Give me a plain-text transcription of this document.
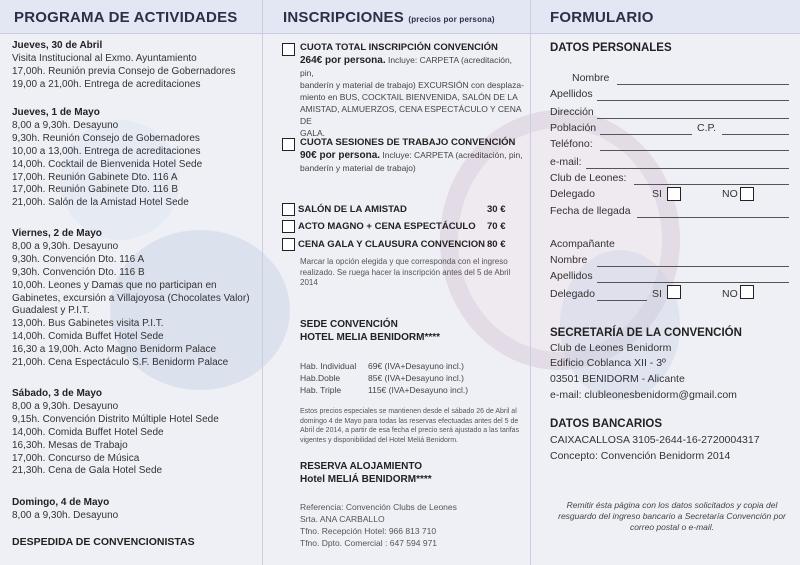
PROGRAMA DE ACTIVIDADES	INSCRIPCIONES (precios por persona)	FORMULARIO
Jueves, 30 de Abril
Visita Institucional al Exmo. Ayuntamiento
17,00h. Reunión previa Consejo de Gobernadores
19,00 a 21,00h. Entrega de acreditaciones
Jueves, 1 de Mayo
8,00 a 9,30h. Desayuno
9,30h. Reunión Consejo de Gobernadores
10,00 a 13,00h. Entrega de acreditaciones
14,00h. Cocktail de Bienvenida Hotel Sede
17,00h. Reunión Gabinete Dto. 116 A
17,00h. Reunión Gabinete Dto. 116 B
21,00h. Salón de la Amistad Hotel Sede
Viernes, 2 de Mayo
8,00 a 9,30h. Desayuno
9,30h. Convención Dto. 116 A
9,30h. Convención Dto. 116 B
10,00h. Leones y Damas que no participan en
Gabinetes, excursión a Villajoyosa (Chocolates Valor)
Guadalest y P.I.T.
13,00h. Bus Gabinetes visita P.I.T.
14,00h. Comida Buffet Hotel Sede
16,30 a 19,00h. Acto Magno Benidorm Palace
21,00h. Cena Espectáculo S.F. Benidorm Palace
Sábado, 3 de Mayo
8,00 a 9,30h. Desayuno
9,15h. Convención Distrito Múltiple Hotel Sede
14,00h. Comida Buffet Hotel Sede
16,30h. Mesas de Trabajo
17,00h. Concurso de Música
21,30h. Cena de Gala Hotel Sede
Domingo, 4 de Mayo
8,00 a 9,30h. Desayuno
DESPEDIDA DE CONVENCIONISTAS
CUOTA TOTAL INSCRIPCIÓN CONVENCIÓN
264€ por persona. Incluye: CARPETA (acreditación, pin,
banderín y material de trabajo) EXCURSIÓN con desplaza-
miento en BUS, COCKTAIL BIENVENIDA, SALÓN DE LA
AMISTAD, ALMUERZOS, CENA ESPECTÁCULO Y CENA DE
GALA.
CUOTA SESIONES DE TRABAJO CONVENCIÓN
90€ por persona. Incluye: CARPETA (acreditación, pin,
banderín y material de trabajo)
SALÓN DE LA AMISTAD	30 €
ACTO MAGNO + CENA ESPECTÁCULO 70 €
CENA GALA Y CLAUSURA CONVENCION 80 €
Marcar la opción elegida y que corresponda con el ingreso
realizado. Se ruega hacer la inscripción antes del 5 de Abril
2014
SEDE CONVENCIÓN
HOTEL MELIA BENIDORM****
Hab. Individual 69€ (IVA+Desayuno incl.)
Hab.Doble	85€ (IVA+Desayuno incl.)
Hab. Triple	115€ (IVA+Desayuno incl.)
Estos precios especiales se mantienen desde el sábado 26 de Abril al
domingo 4 de Mayo para todas las reservas efectuadas antes del 5 de
Abril de 2014, a partir de esa fecha el precio será ajustado a las tarifas
vigentes y disponibilidad del Hotel Meliá Benidorm.
RESERVA ALOJAMIENTO
Hotel MELIÁ BENIDORM****
Referencia: Convención Clubs de Leones
Srta. ANA CARBALLO
Tfno. Recepción Hotel: 966 813 710
Tfno. Dpto. Comercial : 647 594 971
DATOS PERSONALES
Nombre
Apellidos
Dirección
Población	C.P.
Teléfono:
e-mail:
Club de Leones:
Delegado	SI	NO
Fecha de llegada
Acompañante
Nombre
Apellidos
Delegado	SI	NO
SECRETARÍA DE LA CONVENCIÓN
Club de Leones Benidorm
Edificio Coblanca XII - 3º
03501 BENIDORM - Alicante
e-mail: clubleonesbenidorm@gmail.com
DATOS BANCARIOS
CAIXACALLOSA 3105-2644-16-2720004317
Concepto: Convención Benidorm 2014
Remitir ésta página con los datos solicitados y copia del resguardo del ingreso bancario a Secretaría Convención por correo postal o e-mail.
